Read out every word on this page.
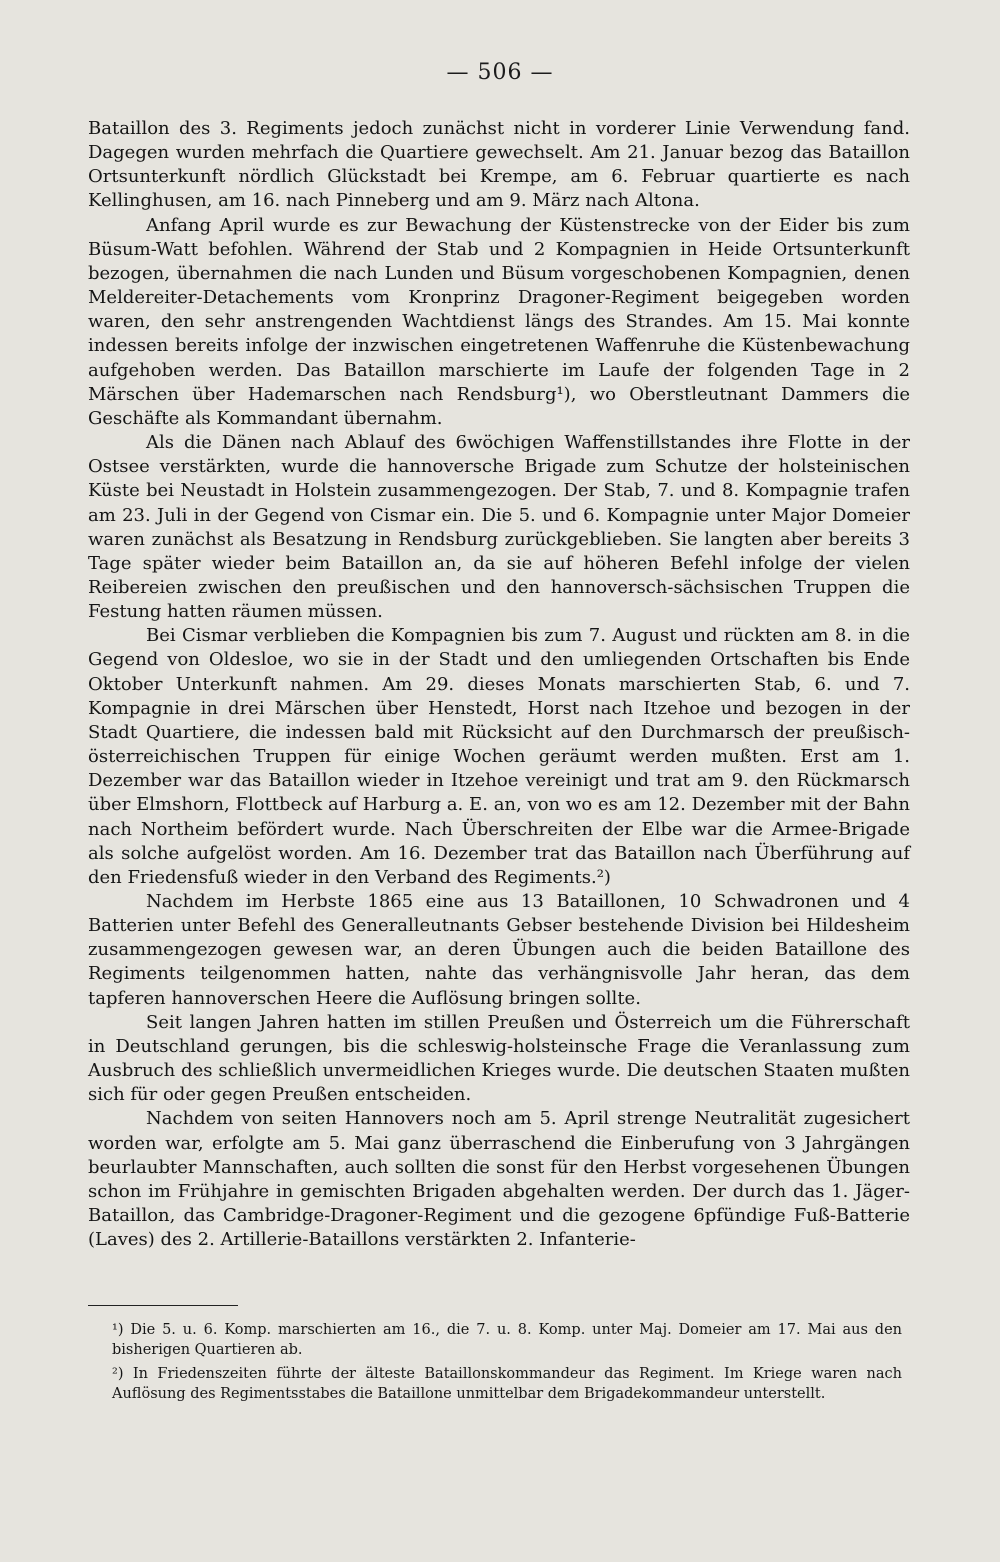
— 506 —

Bataillon des 3. Regiments jedoch zunächst nicht in vorderer Linie Verwendung fand. Dagegen wurden mehrfach die Quartiere gewechselt. Am 21. Januar bezog das Bataillon Ortsunterkunft nördlich Glückstadt bei Krempe, am 6. Februar quartierte es nach Kellinghusen, am 16. nach Pinneberg und am 9. März nach Altona.

Anfang April wurde es zur Bewachung der Küstenstrecke von der Eider bis zum Büsum-Watt befohlen. Während der Stab und 2 Kompagnien in Heide Ortsunterkunft bezogen, übernahmen die nach Lunden und Büsum vorgeschobenen Kompagnien, denen Meldereiter-Detachements vom Kronprinz Dragoner-Regiment beigegeben worden waren, den sehr anstrengenden Wachtdienst längs des Strandes. Am 15. Mai konnte indessen bereits infolge der inzwischen eingetretenen Waffenruhe die Küstenbewachung aufgehoben werden. Das Bataillon marschierte im Laufe der folgenden Tage in 2 Märschen über Hademarschen nach Rendsburg¹), wo Oberstleutnant Dammers die Geschäfte als Kommandant übernahm.

Als die Dänen nach Ablauf des 6wöchigen Waffenstillstandes ihre Flotte in der Ostsee verstärkten, wurde die hannoversche Brigade zum Schutze der holsteinischen Küste bei Neustadt in Holstein zusammengezogen. Der Stab, 7. und 8. Kompagnie trafen am 23. Juli in der Gegend von Cismar ein. Die 5. und 6. Kompagnie unter Major Domeier waren zunächst als Besatzung in Rendsburg zurückgeblieben. Sie langten aber bereits 3 Tage später wieder beim Bataillon an, da sie auf höheren Befehl infolge der vielen Reibereien zwischen den preußischen und den hannoversch-sächsischen Truppen die Festung hatten räumen müssen.

Bei Cismar verblieben die Kompagnien bis zum 7. August und rückten am 8. in die Gegend von Oldesloe, wo sie in der Stadt und den umliegenden Ortschaften bis Ende Oktober Unterkunft nahmen. Am 29. dieses Monats marschierten Stab, 6. und 7. Kompagnie in drei Märschen über Henstedt, Horst nach Itzehoe und bezogen in der Stadt Quartiere, die indessen bald mit Rücksicht auf den Durchmarsch der preußisch-österreichischen Truppen für einige Wochen geräumt werden mußten. Erst am 1. Dezember war das Bataillon wieder in Itzehoe vereinigt und trat am 9. den Rückmarsch über Elmshorn, Flottbeck auf Harburg a. E. an, von wo es am 12. Dezember mit der Bahn nach Northeim befördert wurde. Nach Überschreiten der Elbe war die Armee-Brigade als solche aufgelöst worden. Am 16. Dezember trat das Bataillon nach Überführung auf den Friedensfuß wieder in den Verband des Regiments.²)

Nachdem im Herbste 1865 eine aus 13 Bataillonen, 10 Schwadronen und 4 Batterien unter Befehl des Generalleutnants Gebser bestehende Division bei Hildesheim zusammengezogen gewesen war, an deren Übungen auch die beiden Bataillone des Regiments teilgenommen hatten, nahte das verhängnisvolle Jahr heran, das dem tapferen hannoverschen Heere die Auflösung bringen sollte.

Seit langen Jahren hatten im stillen Preußen und Österreich um die Führerschaft in Deutschland gerungen, bis die schleswig-holsteinsche Frage die Veranlassung zum Ausbruch des schließlich unvermeidlichen Krieges wurde. Die deutschen Staaten mußten sich für oder gegen Preußen entscheiden.

Nachdem von seiten Hannovers noch am 5. April strenge Neutralität zugesichert worden war, erfolgte am 5. Mai ganz überraschend die Einberufung von 3 Jahrgängen beurlaubter Mannschaften, auch sollten die sonst für den Herbst vorgesehenen Übungen schon im Frühjahre in gemischten Brigaden abgehalten werden. Der durch das 1. Jäger-Bataillon, das Cambridge-Dragoner-Regiment und die gezogene 6pfündige Fuß-Batterie (Laves) des 2. Artillerie-Bataillons verstärkten 2. Infanterie-

¹) Die 5. u. 6. Komp. marschierten am 16., die 7. u. 8. Komp. unter Maj. Domeier am 17. Mai aus den bisherigen Quartieren ab.

²) In Friedenszeiten führte der älteste Bataillonskommandeur das Regiment. Im Kriege waren nach Auflösung des Regimentsstabes die Bataillone unmittelbar dem Brigadekommandeur unterstellt.
